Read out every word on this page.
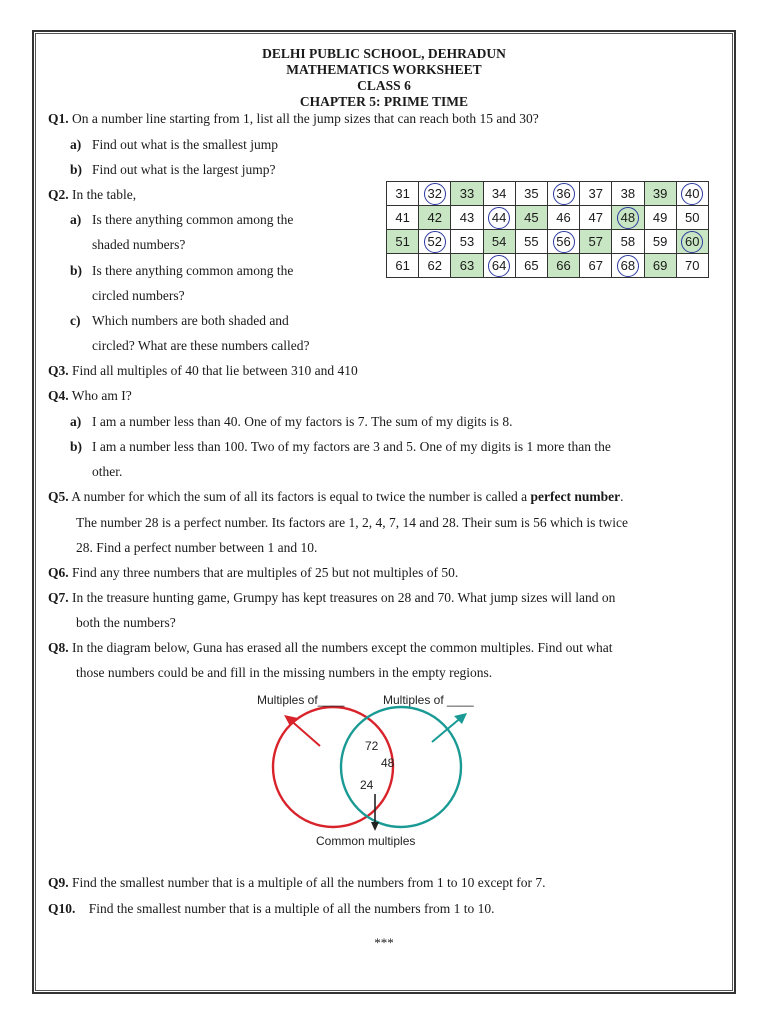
DELHI PUBLIC SCHOOL, DEHRADUN
MATHEMATICS WORKSHEET
CLASS 6
CHAPTER 5: PRIME TIME
Q1. On a number line starting from 1, list all the jump sizes that can reach both 15 and 30?
a) Find out what is the smallest jump
b) Find out what is the largest jump?
Q2. In the table,
a) Is there anything common among the
shaded numbers?
b) Is there anything common among the
circled numbers?
c) Which numbers are both shaded and
circled? What are these numbers called?
31	32	33	34	35	36	37	38	39	40
41	42	43	44	45	46	47	48	49	50
51	52	53	54	55	56	57	58	59	60
61	62	63	64	65	66	67	68	69	70
Q3. Find all multiples of 40 that lie between 310 and 410
Q4. Who am I?
a) I am a number less than 40. One of my factors is 7. The sum of my digits is 8.
b) I am a number less than 100. Two of my factors are 3 and 5. One of my digits is 1 more than the
other.
Q5. A number for which the sum of all its factors is equal to twice the number is called a perfect number.
The number 28 is a perfect number. Its factors are 1, 2, 4, 7, 14 and 28. Their sum is 56 which is twice
28. Find a perfect number between 1 and 10.
Q6. Find any three numbers that are multiples of 25 but not multiples of 50.
Q7. In the treasure hunting game, Grumpy has kept treasures on 28 and 70. What jump sizes will land on
both the numbers?
Q8. In the diagram below, Guna has erased all the numbers except the common multiples. Find out what
those numbers could be and fill in the missing numbers in the empty regions.
Multiples of____	Multiples of ____
72
48
24
Common multiples
Q9. Find the smallest number that is a multiple of all the numbers from 1 to 10 except for 7.
Q10. Find the smallest number that is a multiple of all the numbers from 1 to 10.
***
